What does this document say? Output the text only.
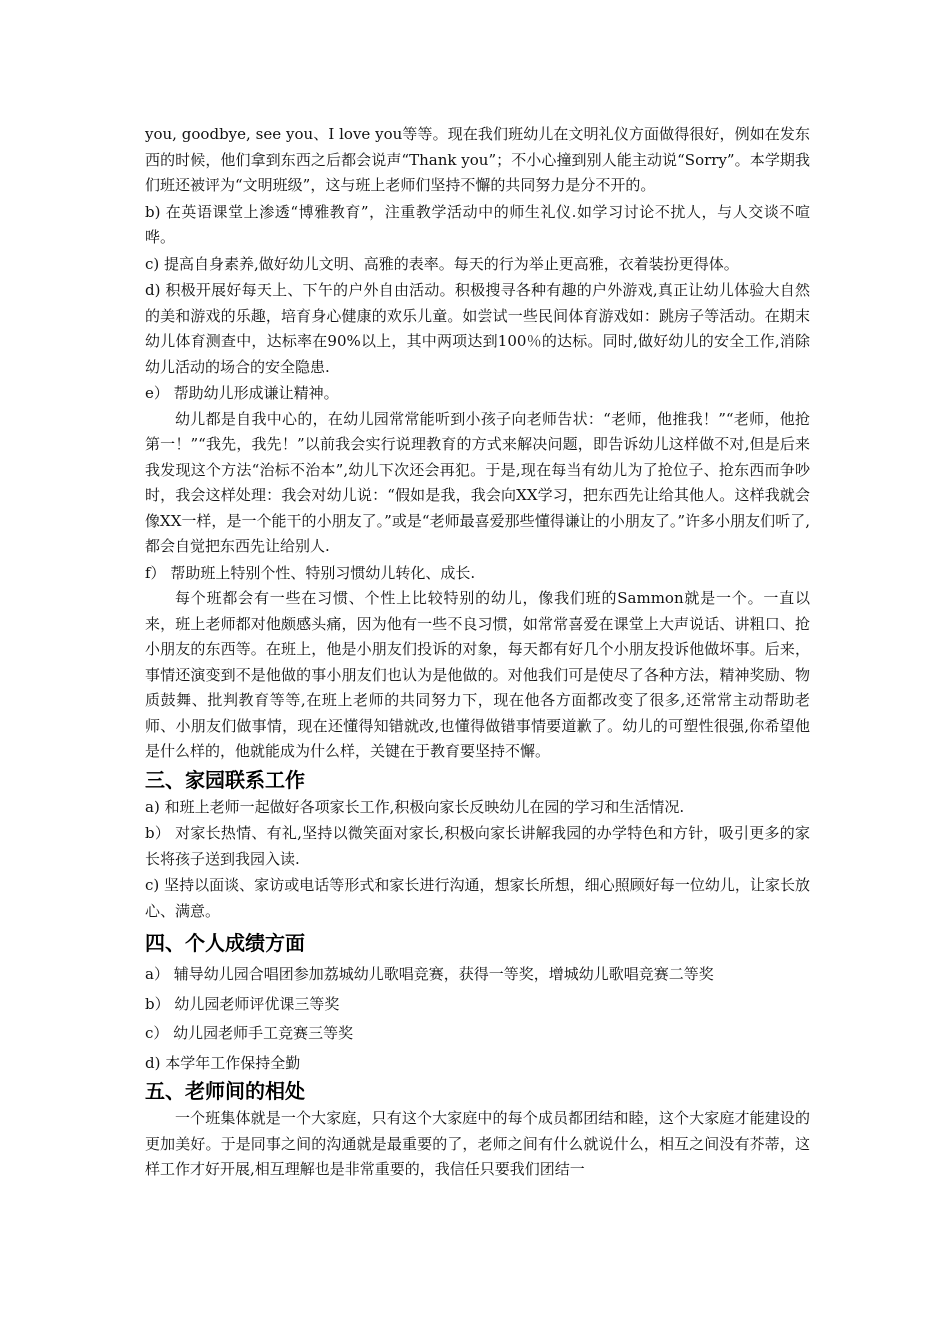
you, goodbye, see you、I love you等等。现在我们班幼儿在文明礼仪方面做得很好，例如在发东西的时候，他们拿到东西之后都会说声“Thank you”；不小心撞到别人能主动说“Sorry”。本学期我们班还被评为“文明班级”，这与班上老师们坚持不懈的共同努力是分不开的。

b) 在英语课堂上渗透“博雅教育”，注重教学活动中的师生礼仪.如学习讨论不扰人，与人交谈不喧哗。

c) 提高自身素养,做好幼儿文明、高雅的表率。每天的行为举止更高雅，衣着装扮更得体。

d) 积极开展好每天上、下午的户外自由活动。积极搜寻各种有趣的户外游戏,真正让幼儿体验大自然的美和游戏的乐趣，培育身心健康的欢乐儿童。如尝试一些民间体育游戏如：跳房子等活动。在期末幼儿体育测查中，达标率在90%以上，其中两项达到100％的达标。同时,做好幼儿的安全工作,消除幼儿活动的场合的安全隐患.

e） 帮助幼儿形成谦让精神。

幼儿都是自我中心的，在幼儿园常常能听到小孩子向老师告状：“老师，他推我！”“老师，他抢第一！”“我先，我先！”以前我会实行说理教育的方式来解决问题，即告诉幼儿这样做不对,但是后来我发现这个方法“治标不治本”,幼儿下次还会再犯。于是,现在每当有幼儿为了抢位子、抢东西而争吵时，我会这样处理：我会对幼儿说：“假如是我，我会向XX学习，把东西先让给其他人。这样我就会像XX一样，是一个能干的小朋友了。”或是“老师最喜爱那些懂得谦让的小朋友了。”许多小朋友们听了,都会自觉把东西先让给别人.

f） 帮助班上特别个性、特别习惯幼儿转化、成长.

每个班都会有一些在习惯、个性上比较特别的幼儿，像我们班的Sammon就是一个。一直以来，班上老师都对他颇感头痛，因为他有一些不良习惯，如常常喜爱在课堂上大声说话、讲粗口、抢小朋友的东西等。在班上，他是小朋友们投诉的对象，每天都有好几个小朋友投诉他做坏事。后来，事情还演变到不是他做的事小朋友们也认为是他做的。对他我们可是使尽了各种方法，精神奖励、物质鼓舞、批判教育等等,在班上老师的共同努力下，现在他各方面都改变了很多,还常常主动帮助老师、小朋友们做事情，现在还懂得知错就改,也懂得做错事情要道歉了。幼儿的可塑性很强,你希望他是什么样的，他就能成为什么样，关键在于教育要坚持不懈。

三、家园联系工作

a) 和班上老师一起做好各项家长工作,积极向家长反映幼儿在园的学习和生活情况.

b） 对家长热情、有礼,坚持以微笑面对家长,积极向家长讲解我园的办学特色和方针，吸引更多的家长将孩子送到我园入读.

c) 坚持以面谈、家访或电话等形式和家长进行沟通，想家长所想，细心照顾好每一位幼儿，让家长放心、满意。

四、个人成绩方面

a） 辅导幼儿园合唱团参加荔城幼儿歌唱竞赛，获得一等奖，增城幼儿歌唱竞赛二等奖

b） 幼儿园老师评优课三等奖

c） 幼儿园老师手工竞赛三等奖

d) 本学年工作保持全勤

五、老师间的相处

一个班集体就是一个大家庭，只有这个大家庭中的每个成员都团结和睦，这个大家庭才能建设的更加美好。于是同事之间的沟通就是最重要的了，老师之间有什么就说什么，相互之间没有芥蒂，这样工作才好开展,相互理解也是非常重要的，我信任只要我们团结一
